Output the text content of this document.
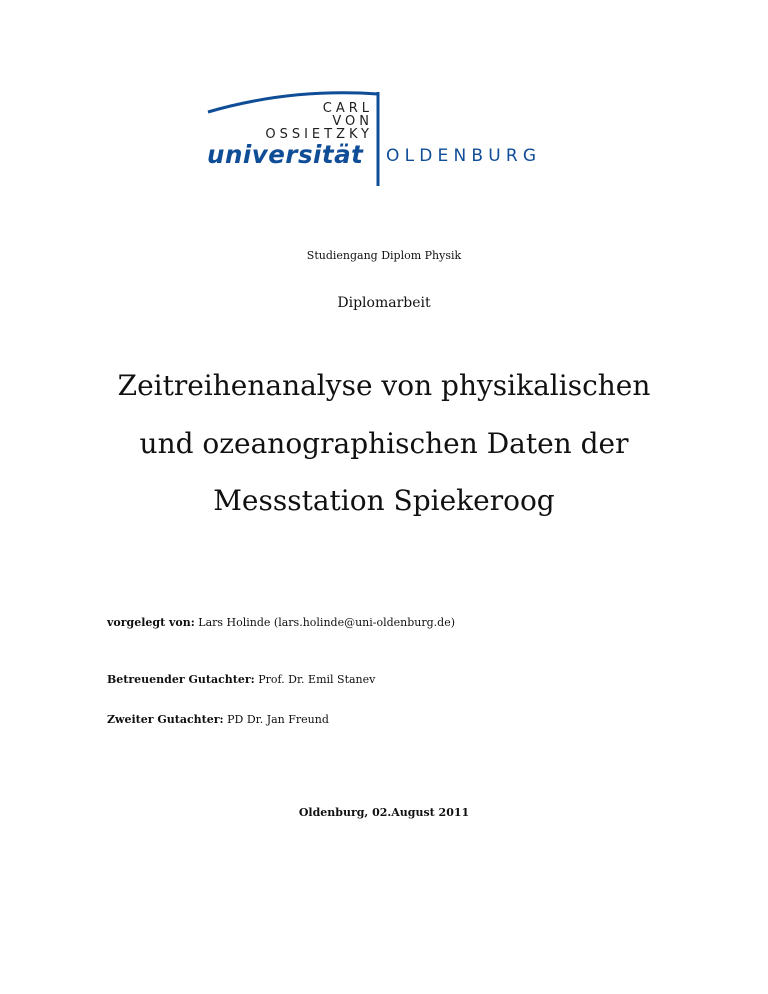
CARL
VON
OSSIETZKY
universität OLDENBURG
Studiengang Diplom Physik
Diplomarbeit
Zeitreihenanalyse von physikalischen
und ozeanographischen Daten der
Messstation Spiekeroog
vorgelegt von: Lars Holinde (lars.holinde@uni-oldenburg.de)
Betreuender Gutachter: Prof. Dr. Emil Stanev
Zweiter Gutachter: PD Dr. Jan Freund
Oldenburg, 02.August 2011
